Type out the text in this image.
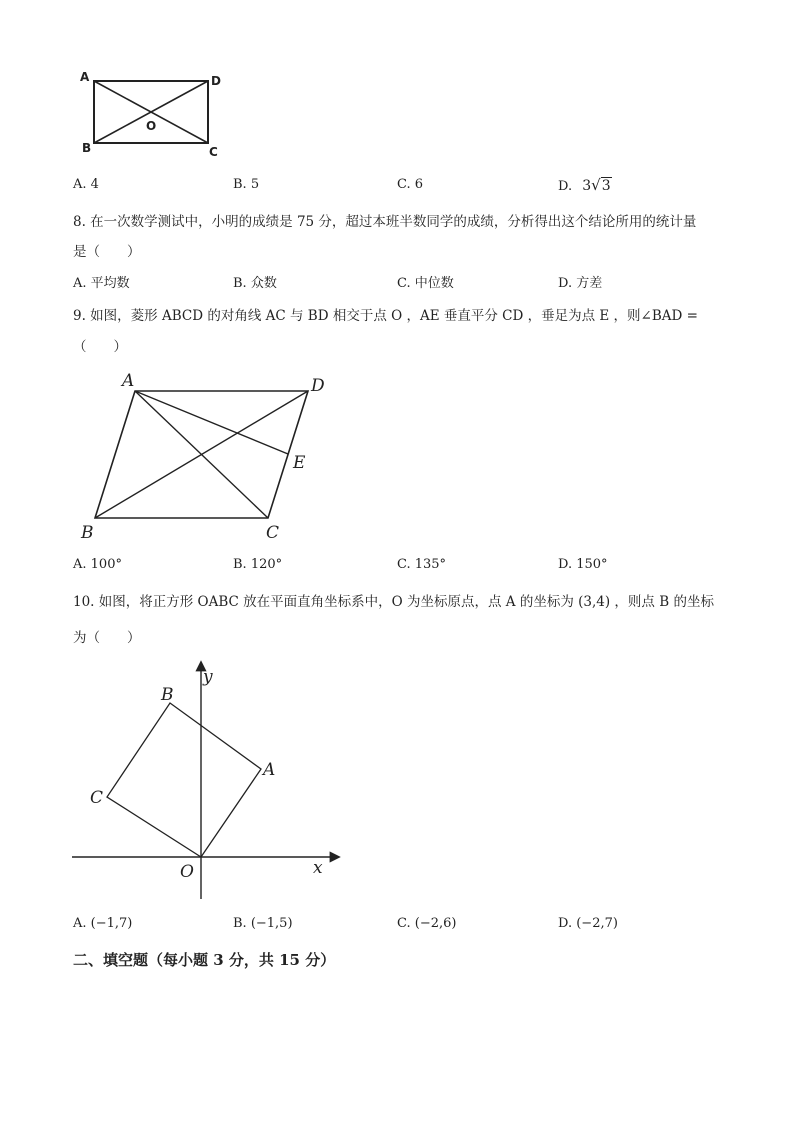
A
B	C
D
O
A. 4	B. 5	C. 6	D. 3√3
8. 在一次数学测试中，小明的成绩是 75 分，超过本班半数同学的成绩，分析得出这个结论所用的统计量
是（　　）
A. 平均数	B. 众数	C. 中位数	D. 方差
9. 如图，菱形 ABCD 的对角线 AC 与 BD 相交于点 O ，AE 垂直平分 CD ，垂足为点 E ，则∠BAD =
（　　）
A	D
E
B	C
A. 100°	B. 120°	C. 135°	D. 150°
10. 如图，将正方形 OABC 放在平面直角坐标系中，O 为坐标原点，点 A 的坐标为 (3,4) ，则点 B 的坐标
为（　　）
y
x
B
A
C
O
A. (−1,7)	B. (−1,5)	C. (−2,6)	D. (−2,7)
二、填空题（每小题 3 分，共 15 分）
